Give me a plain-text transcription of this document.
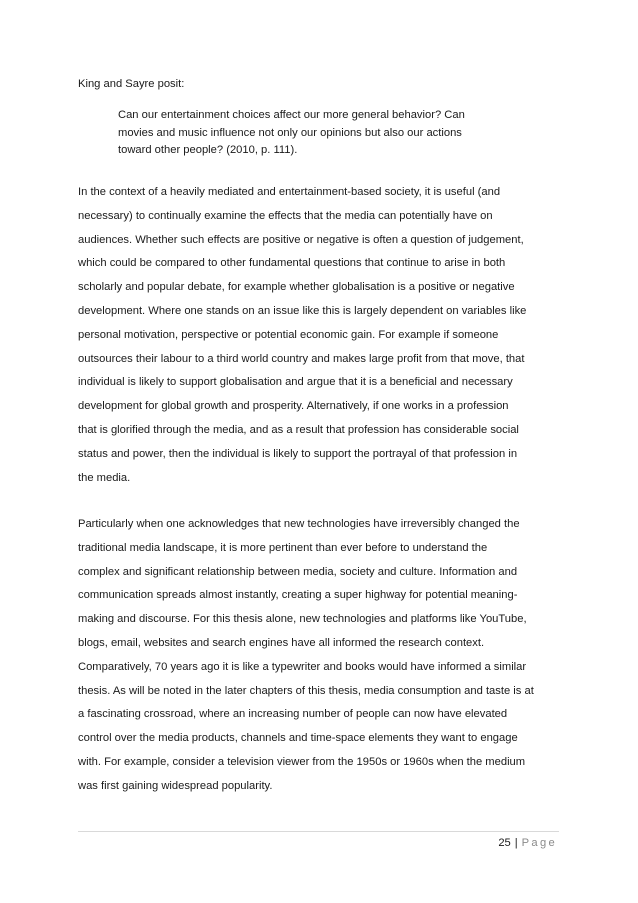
King and Sayre posit:

Can our entertainment choices affect our more general behavior? Can
movies and music influence not only our opinions but also our actions
toward other people? (2010, p. 111).
In the context of a heavily mediated and entertainment-based society, it is useful (and
necessary) to continually examine the effects that the media can potentially have on
audiences. Whether such effects are positive or negative is often a question of judgement,
which could be compared to other fundamental questions that continue to arise in both
scholarly and popular debate, for example whether globalisation is a positive or negative
development. Where one stands on an issue like this is largely dependent on variables like
personal motivation, perspective or potential economic gain. For example if someone
outsources their labour to a third world country and makes large profit from that move, that
individual is likely to support globalisation and argue that it is a beneficial and necessary
development for global growth and prosperity. Alternatively, if one works in a profession
that is glorified through the media, and as a result that profession has considerable social
status and power, then the individual is likely to support the portrayal of that profession in
the media.
Particularly when one acknowledges that new technologies have irreversibly changed the
traditional media landscape, it is more pertinent than ever before to understand the
complex and significant relationship between media, society and culture. Information and
communication spreads almost instantly, creating a super highway for potential meaning-
making and discourse. For this thesis alone, new technologies and platforms like YouTube,
blogs, email, websites and search engines have all informed the research context.
Comparatively, 70 years ago it is like a typewriter and books would have informed a similar
thesis. As will be noted in the later chapters of this thesis, media consumption and taste is at
a fascinating crossroad, where an increasing number of people can now have elevated
control over the media products, channels and time-space elements they want to engage
with. For example, consider a television viewer from the 1950s or 1960s when the medium
was first gaining widespread popularity.
25 | Page
